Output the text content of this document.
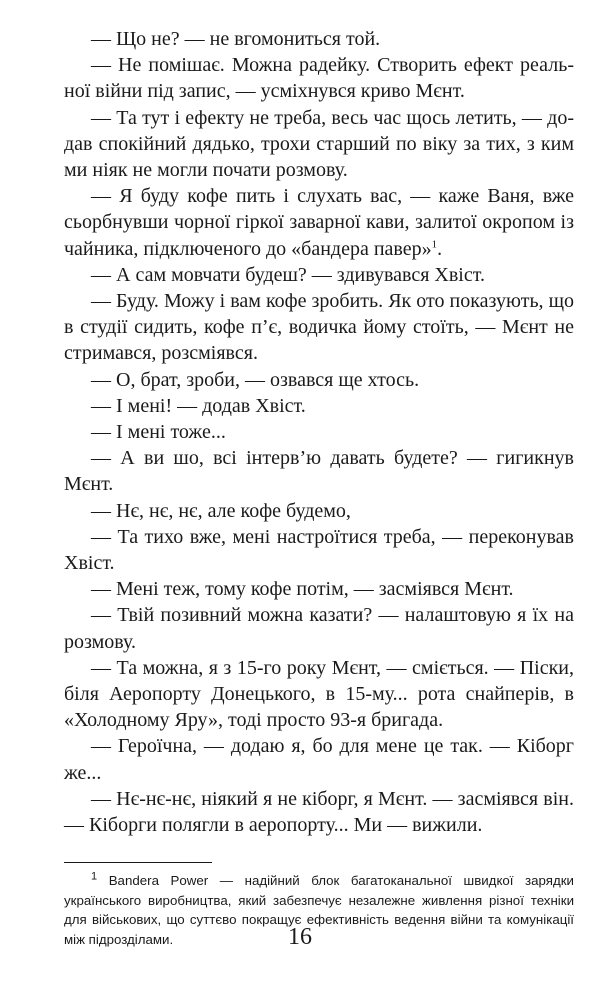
— Що не? — не вгомониться той.

— Не помішає. Можна радейку. Створить ефект реальної війни під запис, — усміхнувся криво Мєнт.

— Та тут і ефекту не треба, весь час щось летить, — додав спокійний дядько, трохи старший по віку за тих, з ким ми ніяк не могли почати розмову.

— Я буду кофе пить і слухать вас, — каже Ваня, вже сьорбнувши чорної гіркої заварної кави, залитої окропом із чайника, підключеного до «бандера павер»$^1$.

— А сам мовчати будеш? — здивувався Хвіст.

— Буду. Можу і вам кофе зробить. Як ото показують, що в студії сидить, кофе п’є, водичка йому стоїть, — Мєнт не стримався, розсміявся.

— О, брат, зроби, — озвався ще хтось.

— І мені! — додав Хвіст.

— І мені тоже...

— А ви шо, всі інтерв’ю давать будете? — гигикнув Мєнт.

— Нє, нє, нє, але кофе будемо,

— Та тихо вже, мені настроїтися треба, — переконував Хвіст.

— Мені теж, тому кофе потім, — засміявся Мєнт.

— Твій позивний можна казати? — налаштовую я їх на розмову.

— Та можна, я з 15-го року Мєнт, — сміється. — Піски, біля Аеропорту Донецького, в 15-му... рота снайперів, в «Холодному Яру», тоді просто 93-я бригада.

— Героїчна, — додаю я, бо для мене це так. — Кіборг же...

— Нє-нє-нє, ніякий я не кіборг, я Мєнт. — засміявся він. — Кіборги полягли в аеропорту... Ми — вижили.

$^1$ Bandera Power — надійний блок багатоканальної швидкої зарядки українського виробництва, який забезпечує незалежне живлення різної техніки для військових, що суттєво покращує ефективність ведення війни та комунікації між підрозділами.	16
